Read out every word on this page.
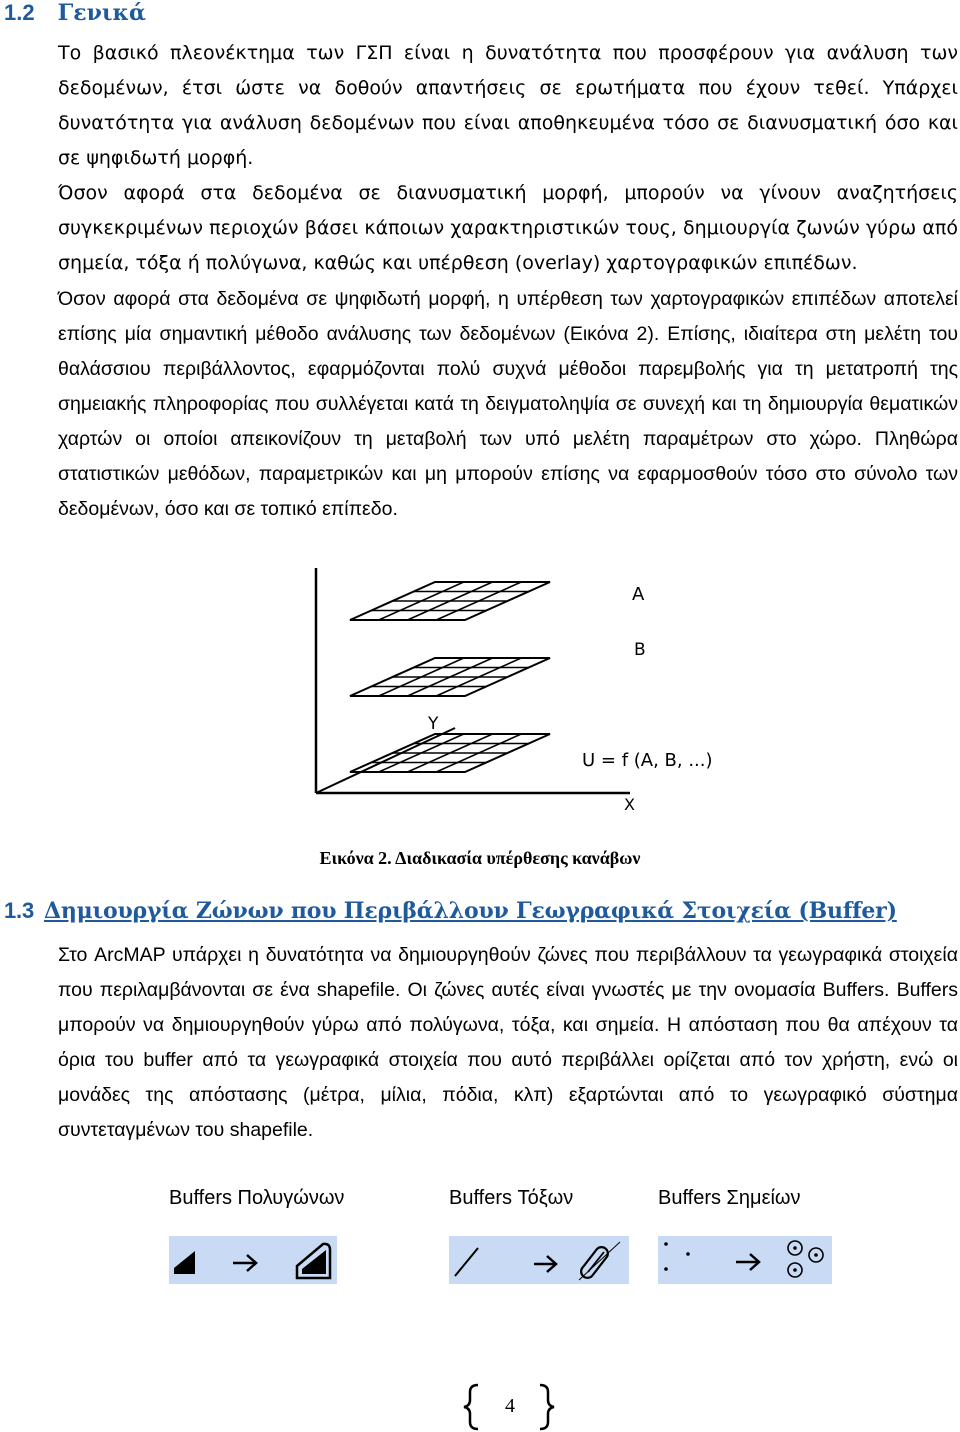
1.2 Γενικά
Το βασικό πλεονέκτημα των ΓΣΠ είναι η δυνατότητα που προσφέρουν για ανάλυση των δεδομένων, έτσι ώστε να δοθούν απαντήσεις σε ερωτήματα που έχουν τεθεί. Υπάρχει δυνατότητα για ανάλυση δεδομένων που είναι αποθηκευμένα τόσο σε διανυσματική όσο και σε ψηφιδωτή μορφή.
Όσον αφορά στα δεδομένα σε διανυσματική μορφή, μπορούν να γίνουν αναζητήσεις συγκεκριμένων περιοχών βάσει κάποιων χαρακτηριστικών τους, δημιουργία ζωνών γύρω από σημεία, τόξα ή πολύγωνα, καθώς και υπέρθεση (overlay) χαρτογραφικών επιπέδων.
Όσον αφορά στα δεδομένα σε ψηφιδωτή μορφή, η υπέρθεση των χαρτογραφικών επιπέδων αποτελεί επίσης μία σημαντική μέθοδο ανάλυσης των δεδομένων (Εικόνα 2). Επίσης, ιδιαίτερα στη μελέτη του θαλάσσιου περιβάλλοντος, εφαρμόζονται πολύ συχνά μέθοδοι παρεμβολής για τη μετατροπή της σημειακής πληροφορίας που συλλέγεται κατά τη δειγματοληψία σε συνεχή και τη δημιουργία θεματικών χαρτών οι οποίοι απεικονίζουν τη μεταβολή των υπό μελέτη παραμέτρων στο χώρο. Πληθώρα στατιστικών μεθόδων, παραμετρικών και μη μπορούν επίσης να εφαρμοσθούν τόσο στο σύνολο των δεδομένων, όσο και σε τοπικό επίπεδο.
A
B
Y
U = f (A, B, ...)
X
Εικόνα 2. Διαδικασία υπέρθεσης κανάβων
1.3 Δημιουργία Ζώνων που Περιβάλλουν Γεωγραφικά Στοιχεία (Buffer)
Στο ArcMAP υπάρχει η δυνατότητα να δημιουργηθούν ζώνες που περιβάλλουν τα γεωγραφικά στοιχεία που περιλαμβάνονται σε ένα shapefile. Οι ζώνες αυτές είναι γνωστές με την ονομασία Buffers. Buffers μπορούν να δημιουργηθούν γύρω από πολύγωνα, τόξα, και σημεία. Η απόσταση που θα απέχουν τα όρια του buffer από τα γεωγραφικά στοιχεία που αυτό περιβάλλει ορίζεται από τον χρήστη, ενώ οι μονάδες της απόστασης (μέτρα, μίλια, πόδια, κλπ) εξαρτώνται από το γεωγραφικό σύστημα συντεταγμένων του shapefile.
Buffers Πολυγώνων	Buffers Τόξων	Buffers Σημείων
4
